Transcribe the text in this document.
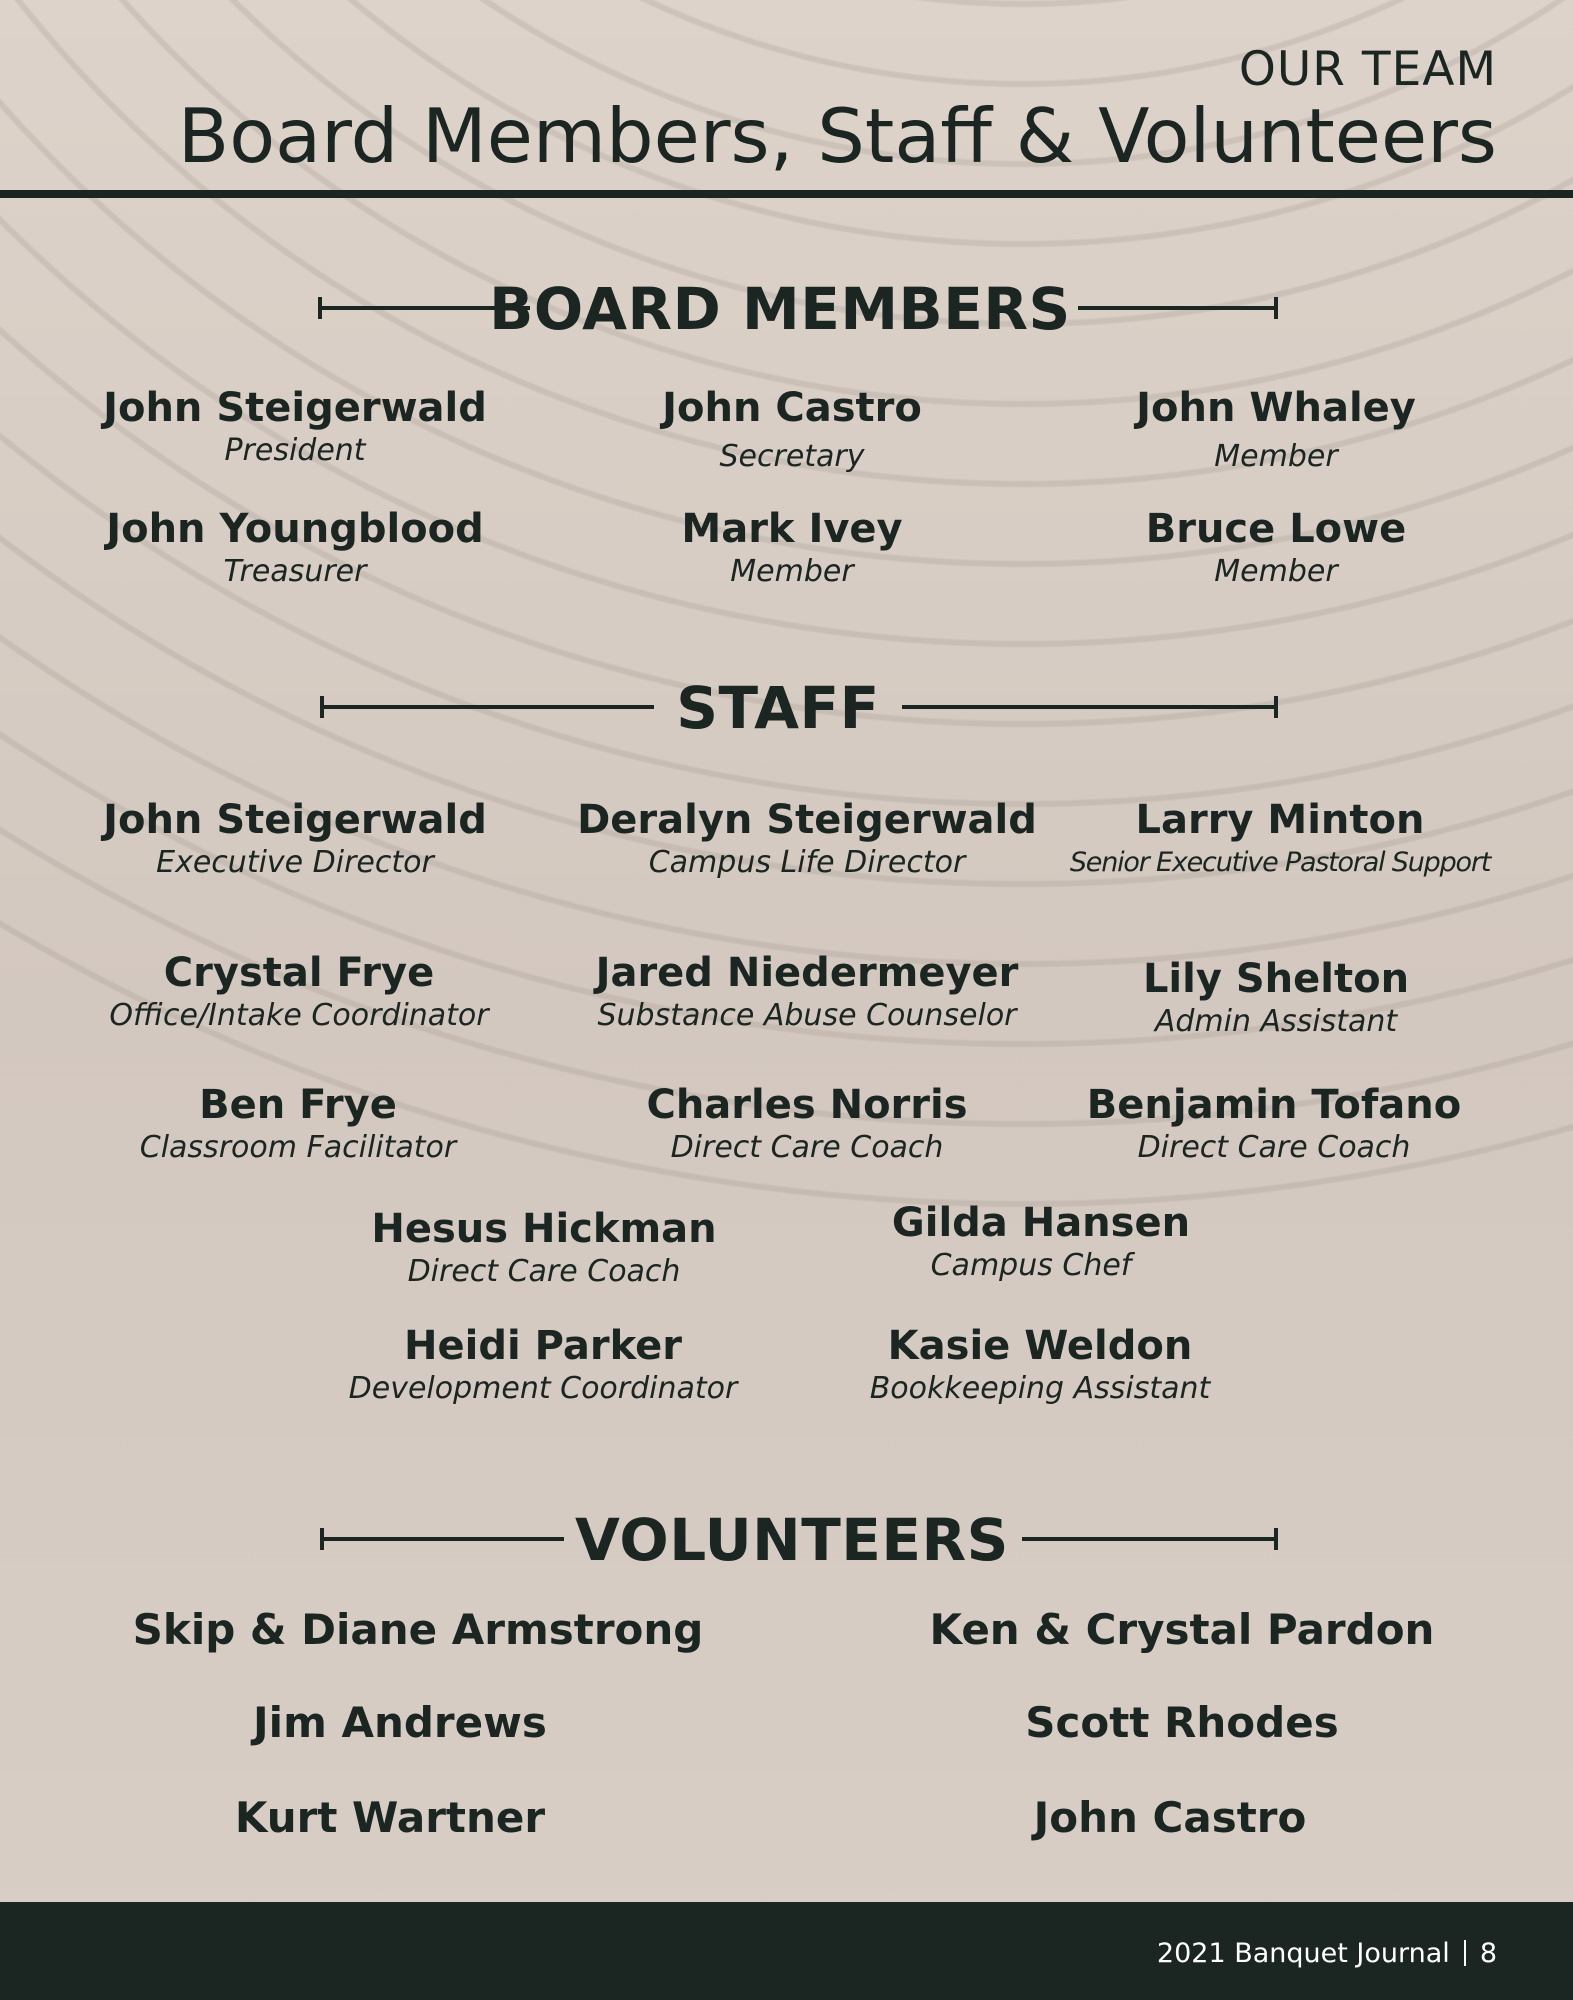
OUR TEAM
Board Members, Staff & Volunteers
BOARD MEMBERS
John Steigerwald
President
John Castro
Secretary
John Whaley
Member
John Youngblood
Treasurer
Mark Ivey
Member
Bruce Lowe
Member
STAFF
John Steigerwald
Executive Director
Deralyn Steigerwald
Campus Life Director
Larry Minton
Senior Executive Pastoral Support
Crystal Frye
Office/Intake Coordinator
Jared Niedermeyer
Substance Abuse Counselor
Lily Shelton
Admin Assistant
Ben Frye
Classroom Facilitator
Charles Norris
Direct Care Coach
Benjamin Tofano
Direct Care Coach
Hesus Hickman
Direct Care Coach
Gilda Hansen
Campus Chef
Heidi Parker
Development Coordinator
Kasie Weldon
Bookkeeping Assistant
VOLUNTEERS
Skip & Diane Armstrong	Ken & Crystal Pardon
Jim Andrews	Scott Rhodes
Kurt Wartner	John Castro
2021 Banquet Journal 8
